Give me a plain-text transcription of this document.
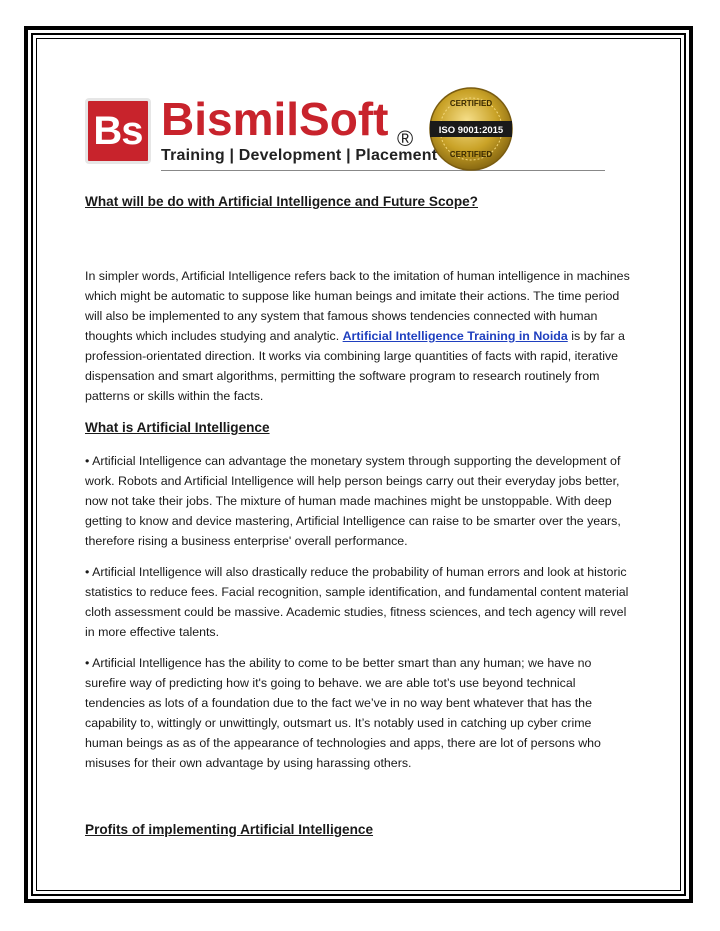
Bs BismilSoft ®
Training | Development | Placement
ISO 9001:2015
CERTIFIED
CERTIFIED
What will be do with Artificial Intelligence and Future Scope?

In simpler words, Artificial Intelligence refers back to the imitation of human intelligence in machines which might be automatic to suppose like human beings and imitate their actions. The time period will also be implemented to any system that famous shows tendencies connected with human thoughts which includes studying and analytic. Artificial Intelligence Training in Noida is by far a profession-orientated direction. It works via combining large quantities of facts with rapid, iterative dispensation and smart algorithms, permitting the software program to research routinely from patterns or skills within the facts.

What is Artificial Intelligence

• Artificial Intelligence can advantage the monetary system through supporting the development of work. Robots and Artificial Intelligence will help person beings carry out their everyday jobs better, now not take their jobs. The mixture of human made machines might be unstoppable. With deep getting to know and device mastering, Artificial Intelligence can raise to be smarter over the years, therefore rising a business enterprise' overall performance.

• Artificial Intelligence will also drastically reduce the probability of human errors and look at historic statistics to reduce fees. Facial recognition, sample identification, and fundamental content material cloth assessment could be massive. Academic studies, fitness sciences, and tech agency will revel in more effective talents.

• Artificial Intelligence has the ability to come to be better smart than any human; we have no surefire way of predicting how it's going to behave. we are able tot’s use beyond technical tendencies as lots of a foundation due to the fact we’ve in no way bent whatever that has the capability to, wittingly or unwittingly, outsmart us. It’s notably used in catching up cyber crime human beings as as of the appearance of technologies and apps, there are lot of persons who misuses for their own advantage by using harassing others.

Profits of implementing Artificial Intelligence
